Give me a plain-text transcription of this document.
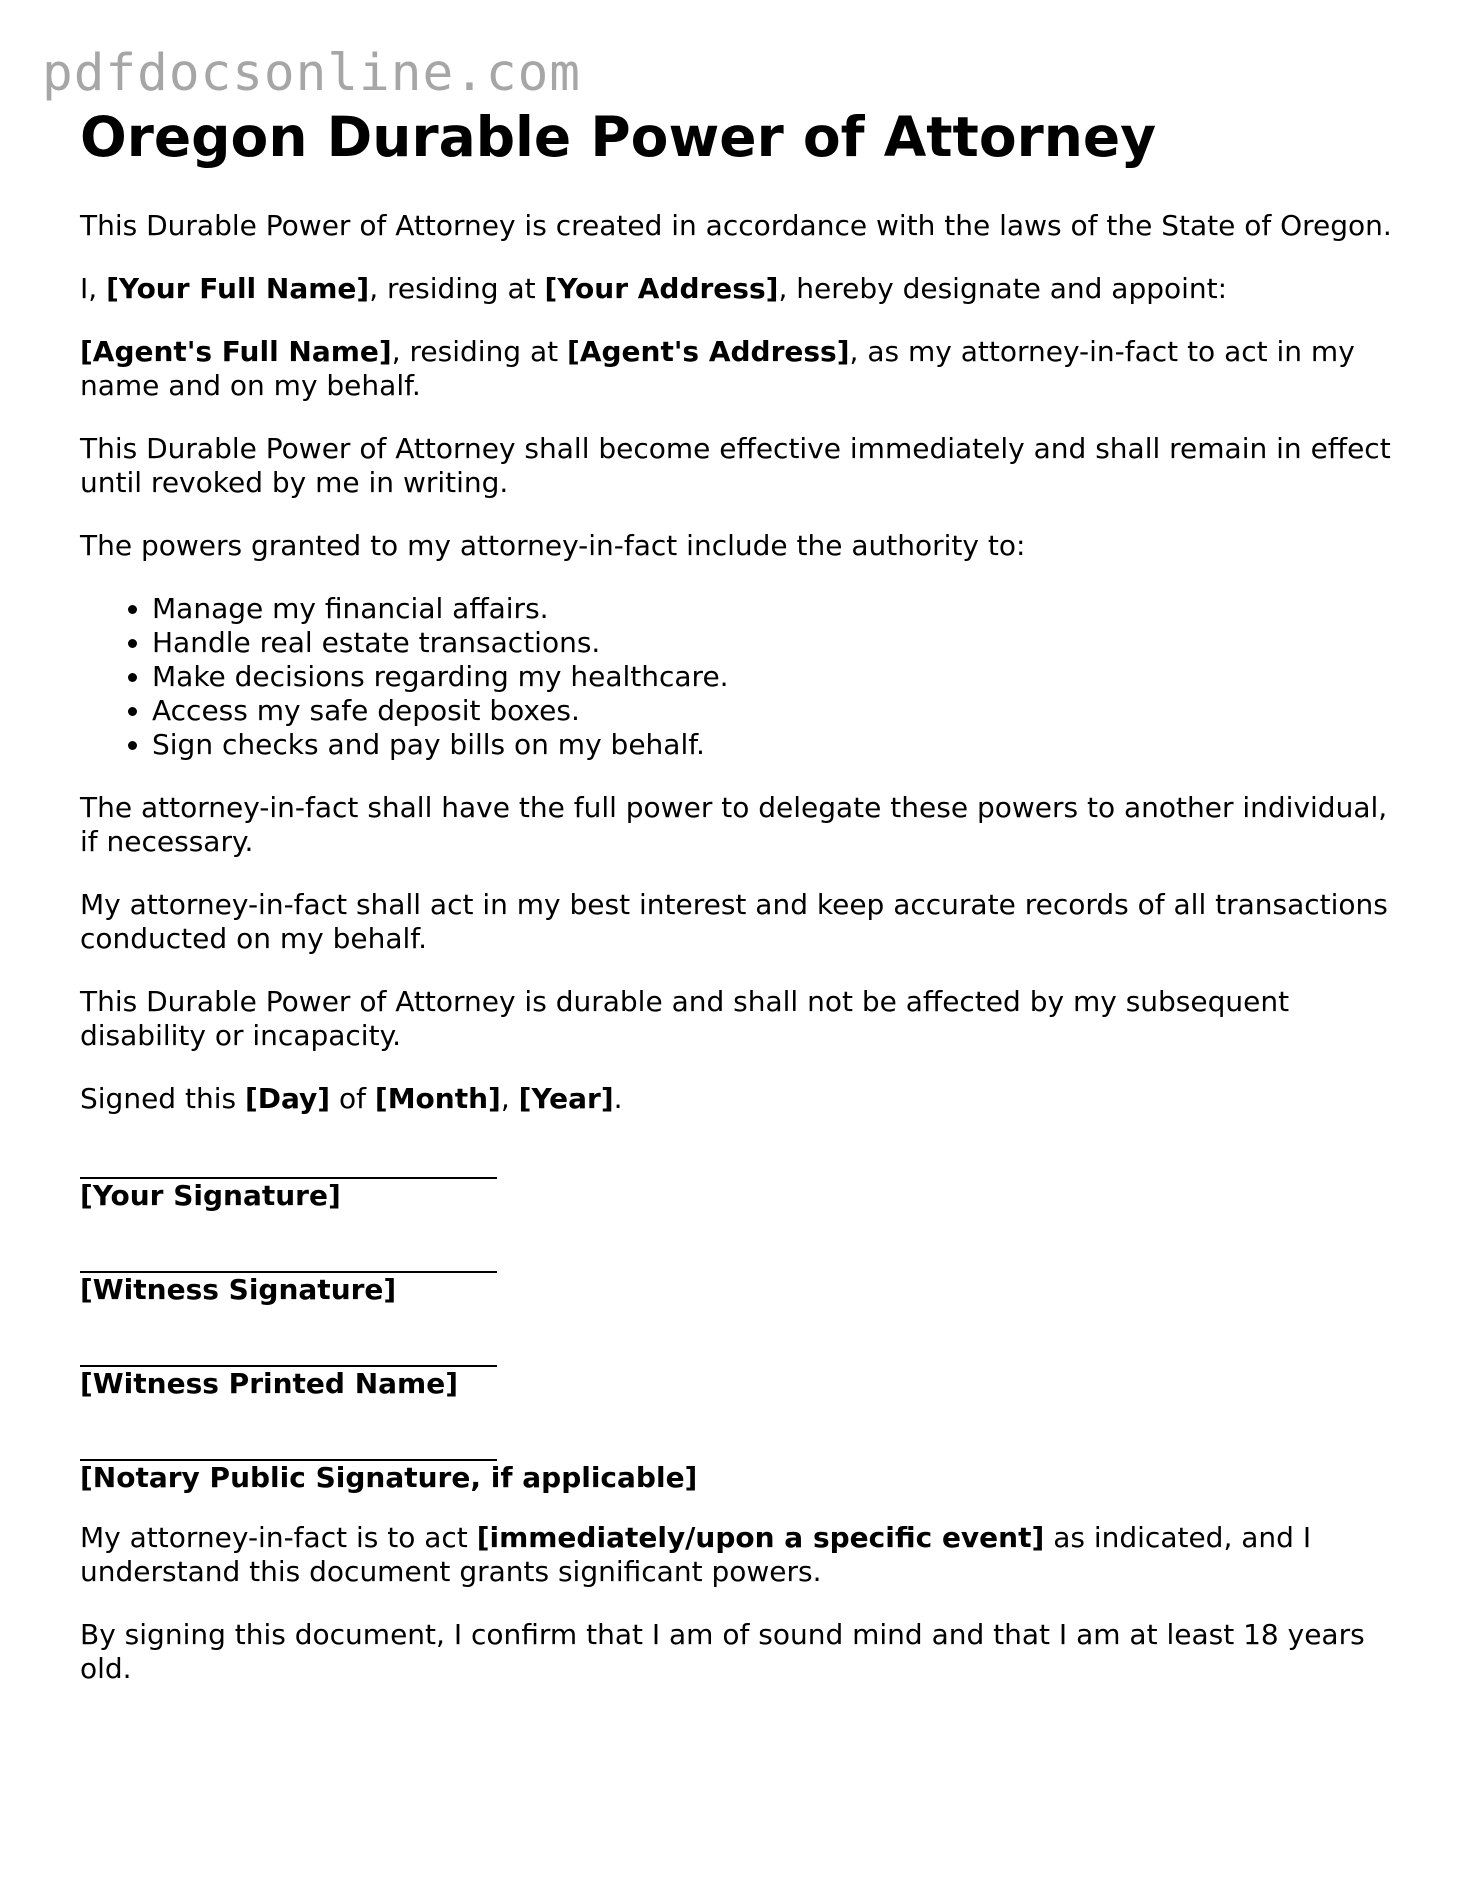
pdfdocsonline.com
Oregon Durable Power of Attorney

This Durable Power of Attorney is created in accordance with the laws of the State of Oregon.

I, [Your Full Name], residing at [Your Address], hereby designate and appoint:

[Agent's Full Name], residing at [Agent's Address], as my attorney-in-fact to act in my name and on my behalf.

This Durable Power of Attorney shall become effective immediately and shall remain in effect until revoked by me in writing.

The powers granted to my attorney-in-fact include the authority to:

• Manage my financial affairs.
• Handle real estate transactions.
• Make decisions regarding my healthcare.
• Access my safe deposit boxes.
• Sign checks and pay bills on my behalf.

The attorney-in-fact shall have the full power to delegate these powers to another individual, if necessary.

My attorney-in-fact shall act in my best interest and keep accurate records of all transactions conducted on my behalf.

This Durable Power of Attorney is durable and shall not be affected by my subsequent disability or incapacity.

Signed this [Day] of [Month], [Year].

[Your Signature]
[Witness Signature]
[Witness Printed Name]
[Notary Public Signature, if applicable]

My attorney-in-fact is to act [immediately/upon a specific event] as indicated, and I understand this document grants significant powers.

By signing this document, I confirm that I am of sound mind and that I am at least 18 years old.
